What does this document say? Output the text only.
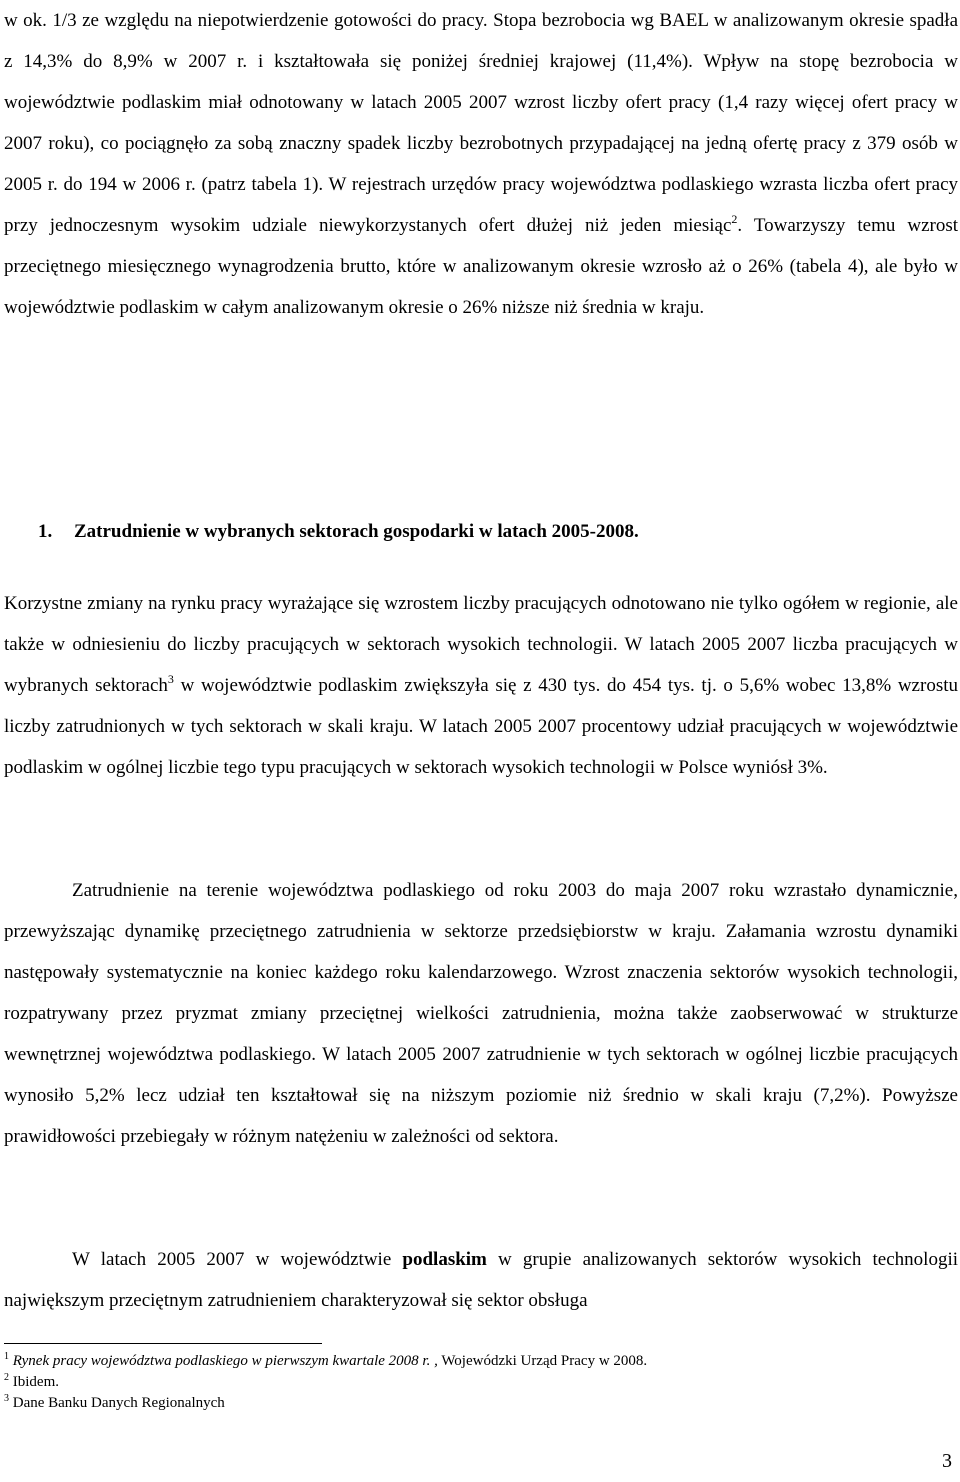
w ok. 1/3 ze względu na niepotwierdzenie gotowości do pracy. Stopa bezrobocia wg BAEL w analizowanym okresie spadła z 14,3% do 8,9% w 2007 r. i kształtowała się poniżej średniej krajowej (11,4%). Wpływ na stopę bezrobocia w województwie podlaskim miał odnotowany w latach 2005 2007 wzrost liczby ofert pracy (1,4 razy więcej ofert pracy w 2007 roku), co pociągnęło za sobą znaczny spadek liczby bezrobotnych przypadającej na jedną ofertę pracy z 379 osób w 2005 r. do 194 w 2006 r. (patrz tabela 1). W rejestrach urzędów pracy województwa podlaskiego wzrasta liczba ofert pracy przy jednoczesnym wysokim udziale niewykorzystanych ofert dłużej niż jeden miesiąc$^2$. Towarzyszy temu wzrost przeciętnego miesięcznego wynagrodzenia brutto, które w analizowanym okresie wzrosło aż o 26% (tabela 4), ale było w województwie podlaskim w całym analizowanym okresie o 26% niższe niż średnia w kraju.

1. Zatrudnienie w wybranych sektorach gospodarki w latach 2005-2008.

Korzystne zmiany na rynku pracy wyrażające się wzrostem liczby pracujących odnotowano nie tylko ogółem w regionie, ale także w odniesieniu do liczby pracujących w sektorach wysokich technologii. W latach 2005 2007 liczba pracujących w wybranych sektorach$^3$ w województwie podlaskim zwiększyła się z 430 tys. do 454 tys. tj. o 5,6% wobec 13,8% wzrostu liczby zatrudnionych w tych sektorach w skali kraju. W latach 2005 2007 procentowy udział pracujących w województwie podlaskim w ogólnej liczbie tego typu pracujących w sektorach wysokich technologii w Polsce wyniósł 3%.

Zatrudnienie na terenie województwa podlaskiego od roku 2003 do maja 2007 roku wzrastało dynamicznie, przewyższając dynamikę przeciętnego zatrudnienia w sektorze przedsiębiorstw w kraju. Załamania wzrostu dynamiki następowały systematycznie na koniec każdego roku kalendarzowego. Wzrost znaczenia sektorów wysokich technologii, rozpatrywany przez pryzmat zmiany przeciętnej wielkości zatrudnienia, można także zaobserwować w strukturze wewnętrznej województwa podlaskiego. W latach 2005 2007 zatrudnienie w tych sektorach w ogólnej liczbie pracujących wynosiło 5,2% lecz udział ten kształtował się na niższym poziomie niż średnio w skali kraju (7,2%). Powyższe prawidłowości przebiegały w różnym natężeniu w zależności od sektora.

W latach 2005 2007 w województwie podlaskim w grupie analizowanych sektorów wysokich technologii największym przeciętnym zatrudnieniem charakteryzował się sektor obsługa

$^1$ Rynek pracy województwa podlaskiego w pierwszym kwartale 2008 r. , Wojewódzki Urząd Pracy w 2008.

$^2$ Ibidem.

$^3$ Dane Banku Danych Regionalnych

3
